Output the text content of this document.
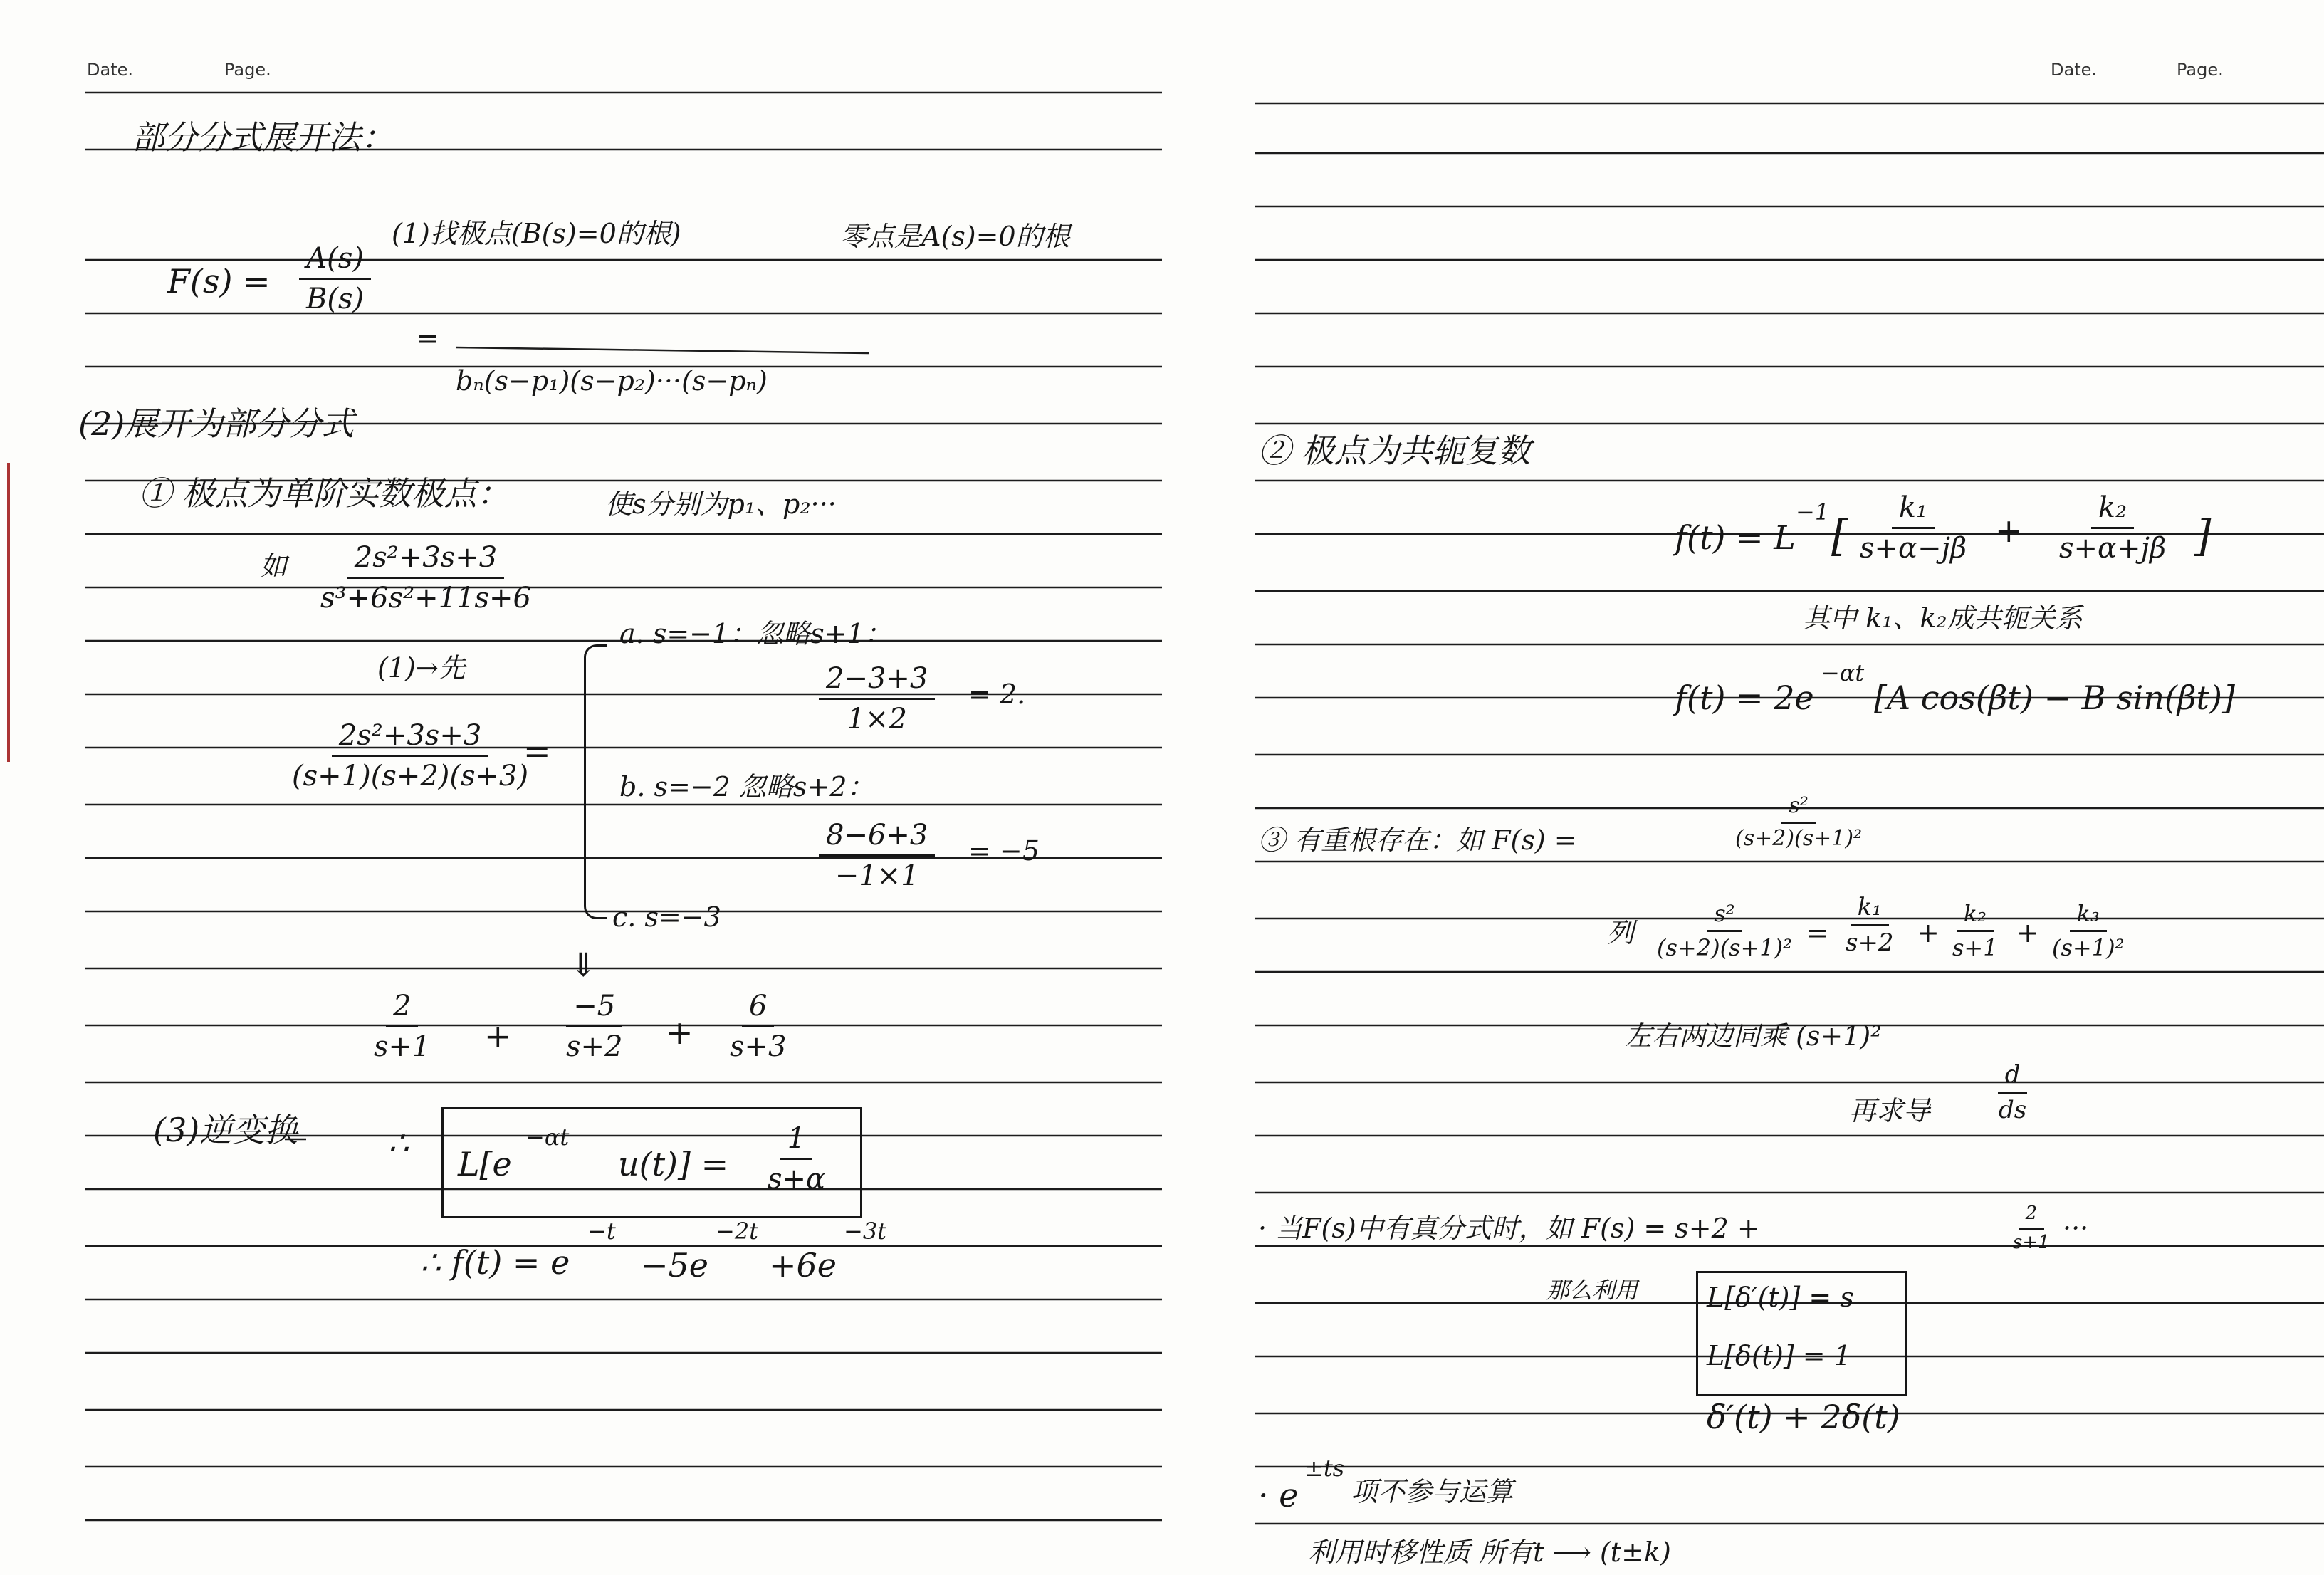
Date.	Page.
部分分式展开法：
$F(s) = \frac{A(s)}{B(s)}$
(1)找极点(B(s)=0的根)	零点是A(s)=0的根
=
bₙ(s−p₁)(s−p₂)···(s−pₙ)
(2)展开为部分分式
① 极点为单阶实数极点：	使s分别为p₁、p₂···
如 $\frac{\text{2s²+3s+3}}{\text{s³+6s²+11s+6}}$
(1)→先
$\frac{\text{2s²+3s+3}}{(s+1)(s+2)(s+3)}$
=
a. s=−1：忽略s+1：
$\frac{2-3+3}{1\times 2} = 2$.
b. s=−2 忽略s+2：
$\frac{8-6+3}{-1\times 1} = -5$
c. s=−3
⇓
$\frac{2}{s+1} + \frac{-5}{s+2} + \frac{6}{s+3}$
(3)逆变换	∴
L[e
−αt
$u(t)] = \frac{1}{s+\alpha}$
∴ f(t) = e
−t
−5e
−2t
+6e
−3t
Date.	Page.
② 极点为共轭复数
f(t) = L
−1 [ $\frac{\text{k₁}}{s+\alpha-j\beta} + \frac{\text{k₂}}{s+\alpha+j\beta}$ ]
其中 k₁、k₂成共轭关系
f(t) = 2e
−αt
[A cos(βt) − B sin(βt)]
③ 有重根存在：如 F(s) =	$\frac{\text{s²}}{\text{(s+2)(s+1)²}}$
列 $\frac{\text{s²}}{\text{(s+2)(s+1)²}} = \frac{\text{k₁}}{s+2} + \frac{\text{k₂}}{s+1} + \frac{\text{k₃}}{\text{(s+1)²}}$
左右两边同乘 (s+1)²
再求导	$\frac{d}{ds}$
· 当F(s)中有真分式时，如 F(s) = s+2 +	$\frac{2}{s+1}$ ···
那么利用	L[δ′(t)] = s
L[δ(t)] = 1
δ′(t) + 2δ(t)
· e
±ts
项不参与运算
利用时移性质 所有t ⟶ (t±k)
